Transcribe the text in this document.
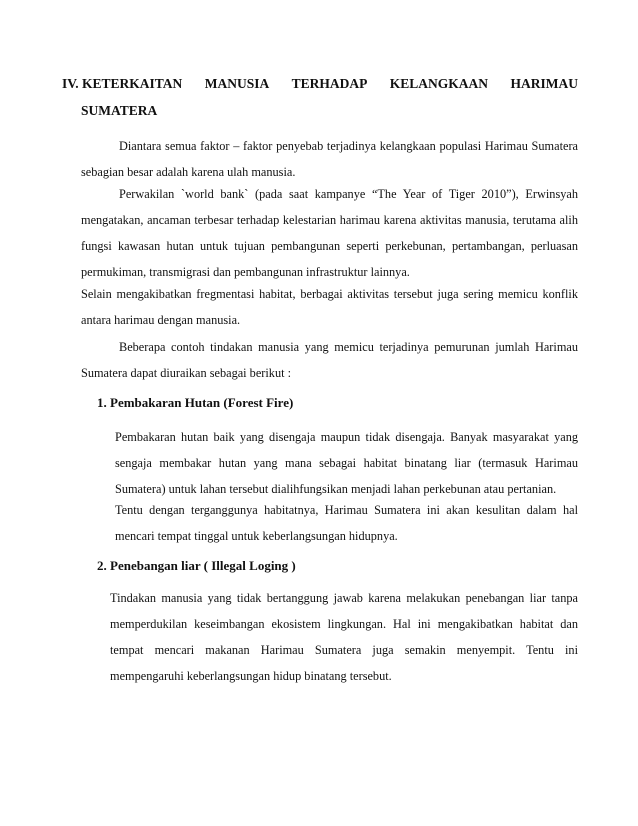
IV. KETERKAITAN MANUSIA TERHADAP KELANGKAAN HARIMAU
SUMATERA

Diantara semua faktor – faktor penyebab terjadinya kelangkaan populasi Harimau Sumatera sebagian besar adalah karena ulah manusia.

Perwakilan `world bank` (pada saat kampanye “The Year of Tiger 2010”), Erwinsyah mengatakan, ancaman terbesar terhadap kelestarian harimau karena aktivitas manusia, terutama alih fungsi kawasan hutan untuk tujuan pembangunan seperti perkebunan, pertambangan, perluasan permukiman, transmigrasi dan pembangunan infrastruktur lainnya.

Selain mengakibatkan fregmentasi habitat, berbagai aktivitas tersebut juga sering memicu konflik antara harimau dengan manusia.

Beberapa contoh tindakan manusia yang memicu terjadinya pemurunan jumlah Harimau Sumatera dapat diuraikan sebagai berikut :

1. Pembakaran Hutan (Forest Fire)

Pembakaran hutan baik yang disengaja maupun tidak disengaja. Banyak masyarakat yang sengaja membakar hutan yang mana sebagai habitat binatang liar (termasuk Harimau Sumatera) untuk lahan tersebut dialihfungsikan menjadi lahan perkebunan atau pertanian.

Tentu dengan terganggunya habitatnya, Harimau Sumatera ini akan kesulitan dalam hal mencari tempat tinggal untuk keberlangsungan hidupnya.

2. Penebangan liar ( Illegal Loging )

Tindakan manusia yang tidak bertanggung jawab karena melakukan penebangan liar tanpa memperdukilan keseimbangan ekosistem lingkungan. Hal ini mengakibatkan habitat dan tempat mencari makanan Harimau Sumatera juga semakin menyempit. Tentu ini mempengaruhi keberlangsungan hidup binatang tersebut.
